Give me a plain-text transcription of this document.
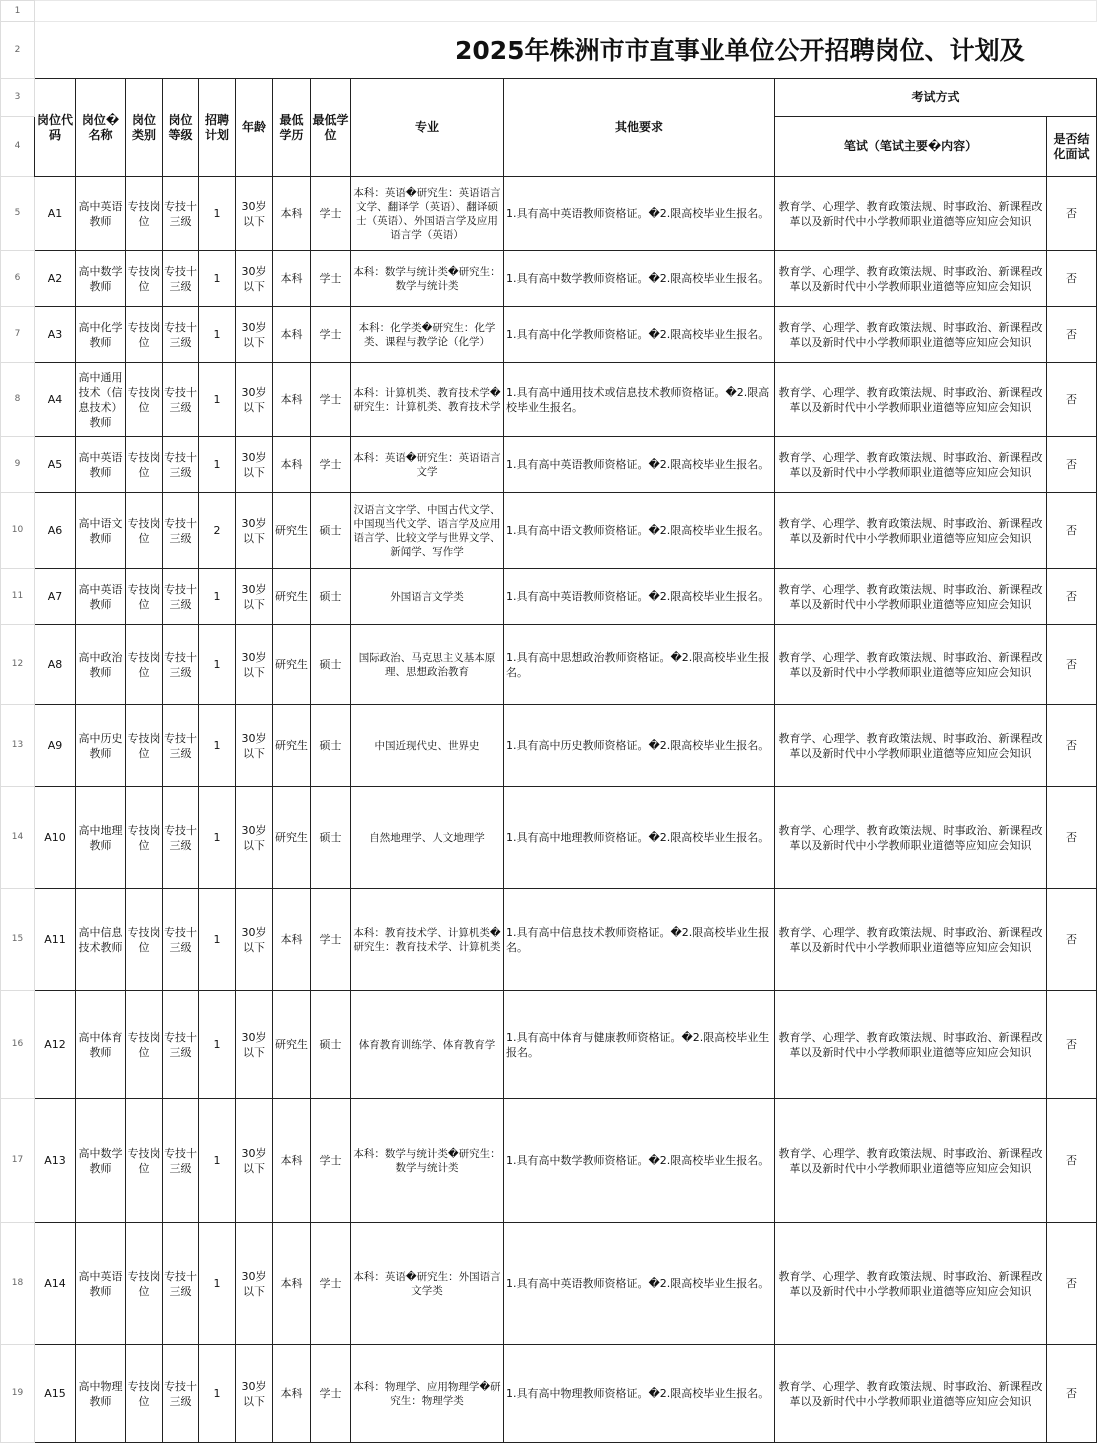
1												
2	2025年株洲市市直事业单位公开招聘岗位、计划及											
3	岗位代码	岗位�名称	岗位类别	岗位等级	招聘计划	年龄	最低学历	最低学位	专业	其他要求	考试方式	
4											笔试（笔试主要�内容）	是否结化面试
5	A1	高中英语教师	专技岗位	专技十三级	1	30岁以下	本科	学士	本科：英语�研究生：英语语言文学、翻译学（英语）、翻译硕士（英语）、外国语言学及应用语言学（英语）	1.具有高中英语教师资格证。�2.限高校毕业生报名。	教育学、心理学、教育政策法规、时事政治、新课程改革以及新时代中小学教师职业道德等应知应会知识	否
6	A2	高中数学教师	专技岗位	专技十三级	1	30岁以下	本科	学士	本科：数学与统计类�研究生：数学与统计类	1.具有高中数学教师资格证。�2.限高校毕业生报名。	教育学、心理学、教育政策法规、时事政治、新课程改革以及新时代中小学教师职业道德等应知应会知识	否
7	A3	高中化学教师	专技岗位	专技十三级	1	30岁以下	本科	学士	本科：化学类�研究生：化学类、课程与教学论（化学）	1.具有高中化学教师资格证。�2.限高校毕业生报名。	教育学、心理学、教育政策法规、时事政治、新课程改革以及新时代中小学教师职业道德等应知应会知识	否
8	A4	高中通用技术（信息技术）教师	专技岗位	专技十三级	1	30岁以下	本科	学士	本科：计算机类、教育技术学�研究生：计算机类、教育技术学	1.具有高中通用技术或信息技术教师资格证。�2.限高校毕业生报名。	教育学、心理学、教育政策法规、时事政治、新课程改革以及新时代中小学教师职业道德等应知应会知识	否
9	A5	高中英语教师	专技岗位	专技十三级	1	30岁以下	本科	学士	本科：英语�研究生：英语语言文学	1.具有高中英语教师资格证。�2.限高校毕业生报名。	教育学、心理学、教育政策法规、时事政治、新课程改革以及新时代中小学教师职业道德等应知应会知识	否
10	A6	高中语文教师	专技岗位	专技十三级	2	30岁以下	研究生	硕士	汉语言文字学、中国古代文学、中国现当代文学、语言学及应用语言学、比较文学与世界文学、新闻学、写作学	1.具有高中语文教师资格证。�2.限高校毕业生报名。	教育学、心理学、教育政策法规、时事政治、新课程改革以及新时代中小学教师职业道德等应知应会知识	否
11	A7	高中英语教师	专技岗位	专技十三级	1	30岁以下	研究生	硕士	外国语言文学类	1.具有高中英语教师资格证。�2.限高校毕业生报名。	教育学、心理学、教育政策法规、时事政治、新课程改革以及新时代中小学教师职业道德等应知应会知识	否
12	A8	高中政治教师	专技岗位	专技十三级	1	30岁以下	研究生	硕士	国际政治、马克思主义基本原理、思想政治教育	1.具有高中思想政治教师资格证。�2.限高校毕业生报名。	教育学、心理学、教育政策法规、时事政治、新课程改革以及新时代中小学教师职业道德等应知应会知识	否
13	A9	高中历史教师	专技岗位	专技十三级	1	30岁以下	研究生	硕士	中国近现代史、世界史	1.具有高中历史教师资格证。�2.限高校毕业生报名。	教育学、心理学、教育政策法规、时事政治、新课程改革以及新时代中小学教师职业道德等应知应会知识	否
14	A10	高中地理教师	专技岗位	专技十三级	1	30岁以下	研究生	硕士	自然地理学、人文地理学	1.具有高中地理教师资格证。�2.限高校毕业生报名。	教育学、心理学、教育政策法规、时事政治、新课程改革以及新时代中小学教师职业道德等应知应会知识	否
15	A11	高中信息技术教师	专技岗位	专技十三级	1	30岁以下	本科	学士	本科：教育技术学、计算机类�研究生：教育技术学、计算机类	1.具有高中信息技术教师资格证。�2.限高校毕业生报名。	教育学、心理学、教育政策法规、时事政治、新课程改革以及新时代中小学教师职业道德等应知应会知识	否
16	A12	高中体育教师	专技岗位	专技十三级	1	30岁以下	研究生	硕士	体育教育训练学、体育教育学	1.具有高中体育与健康教师资格证。�2.限高校毕业生报名。	教育学、心理学、教育政策法规、时事政治、新课程改革以及新时代中小学教师职业道德等应知应会知识	否
17	A13	高中数学教师	专技岗位	专技十三级	1	30岁以下	本科	学士	本科：数学与统计类�研究生：数学与统计类	1.具有高中数学教师资格证。�2.限高校毕业生报名。	教育学、心理学、教育政策法规、时事政治、新课程改革以及新时代中小学教师职业道德等应知应会知识	否
18	A14	高中英语教师	专技岗位	专技十三级	1	30岁以下	本科	学士	本科：英语�研究生：外国语言文学类	1.具有高中英语教师资格证。�2.限高校毕业生报名。	教育学、心理学、教育政策法规、时事政治、新课程改革以及新时代中小学教师职业道德等应知应会知识	否
19	A15	高中物理教师	专技岗位	专技十三级	1	30岁以下	本科	学士	本科：物理学、应用物理学�研究生：物理学类	1.具有高中物理教师资格证。�2.限高校毕业生报名。	教育学、心理学、教育政策法规、时事政治、新课程改革以及新时代中小学教师职业道德等应知应会知识	否
